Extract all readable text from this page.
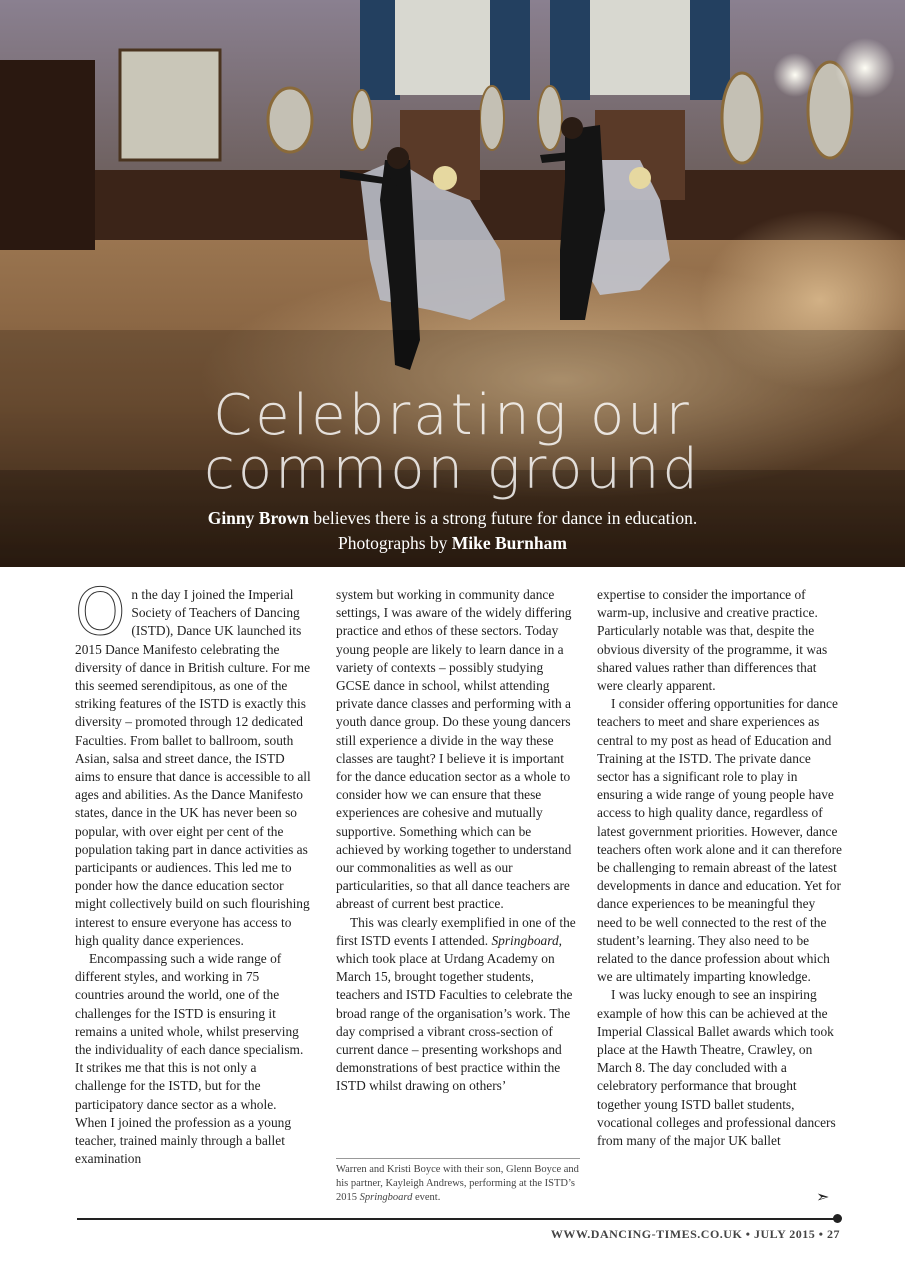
Celebrating our
common ground
Ginny Brown believes there is a strong future for dance in education.
Photographs by Mike Burnham

On the day I joined the Imperial Society of Teachers of Dancing (ISTD), Dance UK launched its 2015 Dance Manifesto celebrating the diversity of dance in British culture. For me this seemed serendipitous, as one of the striking features of the ISTD is exactly this diversity – promoted through 12 dedicated Faculties. From ballet to ballroom, south Asian, salsa and street dance, the ISTD aims to ensure that dance is accessible to all ages and abilities. As the Dance Manifesto states, dance in the UK has never been so popular, with over eight per cent of the population taking part in dance activities as participants or audiences. This led me to ponder how the dance education sector might collectively build on such flourishing interest to ensure everyone has access to high quality dance experiences.

Encompassing such a wide range of different styles, and working in 75 countries around the world, one of the challenges for the ISTD is ensuring it remains a united whole, whilst preserving the individuality of each dance specialism. It strikes me that this is not only a challenge for the ISTD, but for the participatory dance sector as a whole. When I joined the profession as a young teacher, trained mainly through a ballet examination

system but working in community dance settings, I was aware of the widely differing practice and ethos of these sectors. Today young people are likely to learn dance in a variety of contexts – possibly studying GCSE dance in school, whilst attending private dance classes and performing with a youth dance group. Do these young dancers still experience a divide in the way these classes are taught? I believe it is important for the dance education sector as a whole to consider how we can ensure that these experiences are cohesive and mutually supportive. Something which can be achieved by working together to understand our commonalities as well as our particularities, so that all dance teachers are abreast of current best practice.

This was clearly exemplified in one of the first ISTD events I attended. Springboard, which took place at Urdang Academy on March 15, brought together students, teachers and ISTD Faculties to celebrate the broad range of the organisation’s work. The day comprised a vibrant cross-section of current dance – presenting workshops and demonstrations of best practice within the ISTD whilst drawing on others’

Warren and Kristi Boyce with their son, Glenn Boyce and his partner, Kayleigh Andrews, performing at the ISTD’s 2015 Springboard event.

expertise to consider the importance of warm-up, inclusive and creative practice. Particularly notable was that, despite the obvious diversity of the programme, it was shared values rather than differences that were clearly apparent.

I consider offering opportunities for dance teachers to meet and share experiences as central to my post as head of Education and Training at the ISTD. The private dance sector has a significant role to play in ensuring a wide range of young people have access to high quality dance, regardless of latest government priorities. However, dance teachers often work alone and it can therefore be challenging to remain abreast of the latest developments in dance and education. Yet for dance experiences to be meaningful they need to be well connected to the rest of the student’s learning. They also need to be related to the dance profession about which we are ultimately imparting knowledge.

I was lucky enough to see an inspiring example of how this can be achieved at the Imperial Classical Ballet awards which took place at the Hawth Theatre, Crawley, on March 8. The day concluded with a celebratory performance that brought together young ISTD ballet students, vocational colleges and professional dancers from many of the major UK ballet

➣
WWW.DANCING-TIMES.CO.UK • JULY 2015 • 27
